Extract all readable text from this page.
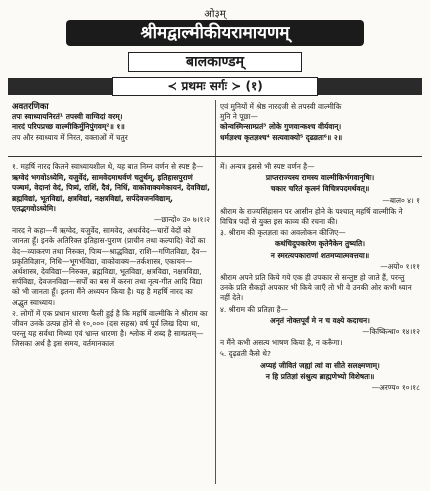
ओ३म्
श्रीमद्वाल्मीकीयरामायणम्
बालकाण्डम्
≺ प्रथमः सर्गः ≻ (१)
अवतरणिका
तपः स्वाध्यायनिरतं¹ तपस्वी वाग्विदां वरम्।
नारदं परिपप्रच्छ वाल्मीकिर्मुनिपुंगवम्²॥ १॥
तप और स्वाध्याय में निरत, वक्ताओं में चतुर
एवं मुनियों में श्रेष्ठ नारदजी से तपस्वी वाल्मीकि
मुनि ने पूछा—
कोन्वस्मिन्साम्प्रतं³ लोके गुणवान्कश्च वीर्यवान्।
धर्मज्ञश्च कृतज्ञश्च⁴ सत्यवाक्यो⁵ दृढव्रतः⁶॥ २॥

१. महर्षि नारद कितने स्वाध्यायशील थे, यह बात निम्न वर्णन से स्पष्ट है—

ऋग्वेदं भगवोऽध्येमि, यजुर्वेदं, सामवेदमाथर्वणं चतुर्थम्, इतिहासपुराणं पञ्चमं, वेदानां वेदं, पित्र्यं, राशिं, दैवं, निधिं, वाकोवाक्यमेकायनं, देवविद्यां, ब्रह्मविद्यां, भूतविद्यां, क्षत्रविद्यां, नक्षत्रविद्यां, सर्पदेवजनविद्याम्, एतद्भगवोऽध्येमि।

—छान्दो० उ० ७।१।२

नारद ने कहा—मैं ऋग्वेद, यजुर्वेद, सामवेद, अथर्ववेद—चारों वेदों को जानता हूँ। इनके अतिरिक्त इतिहास-पुराण (प्राचीन तथा कल्पादि) वेदों का वेद—व्याकरण तथा निरुक्त, पित्र्य—श्राद्धविद्या, राशि—गणितविद्या, दैव—प्रकृतिविज्ञान, निधि—भूगर्भविद्या, वाकोवाक्य—तर्कशास्त्र, एकायन—अर्थशास्त्र, देवविद्या—निरुक्त, ब्रह्मविद्या, भूतविद्या, क्षत्रविद्या, नक्षत्रविद्या, सर्पविद्या, देवजनविद्या—सर्पों का बस में करना तथा नृत्य-गीत आदि विद्या को भी जानता हूँ। इतना मैंने अध्ययन किया है। यह है महर्षि नारद का अद्भुत स्वाध्याय।

२. लोगों में एक प्रधान धारणा फैली हुई है कि महर्षि वाल्मीकि ने श्रीराम का जीवन उनके उत्पन्न होने से १०,००० (दस सहस्र) वर्ष पूर्व लिख दिया था, परन्तु यह सर्वथा मिथ्या एवं भ्रान्त धारणा है। श्लोक में शब्द है साम्प्रतम्—जिसका अर्थ है इस समय, वर्तमानकाल

में। अन्यत्र इससे भी स्पष्ट वर्णन है—

प्राप्तराज्यस्य रामस्य वाल्मीकिर्भगवानृषिः।

चकार चरितं कृत्स्नं विचित्रपदमर्थवत्॥

—बाल० ४। १

श्रीराम के राज्यसिंहासन पर आसीन होने के पश्चात् महर्षि वाल्मीकि ने विचित्र पदों से युक्त इस काव्य की रचना की।

३. श्रीराम की कृतज्ञता का अवलोकन कीजिए—

कथंचिदुपकारेण कृतेनैकेन तुष्यति।

न स्मरत्यपकाराणां शतमप्यात्मवत्तया॥

—अयो० १।११

श्रीराम अपने प्रति किये गये एक ही उपकार से सन्तुष्ट हो जाते हैं, परन्तु उनके प्रति सैकड़ों अपकार भी किये जाएँ तो भी वे उनकी ओर कभी ध्यान नहीं देते।

४. श्रीराम की प्रतिज्ञा है—

अनृतं नोक्तपूर्वं मे न च वक्ष्ये कदाचन।

—किष्किन्धा० १४।१२

न मैंने कभी असत्य भाषण किया है, न करूँगा।

५. दृढ़व्रती कैसे थे?

अप्यहं जीवितं जह्यां त्वां वा सीते सलक्ष्मणाम्।

न हि प्रतिज्ञां संश्रुत्य ब्राह्मणेभ्यो विशेषतः॥

—अरण्य० १०।१८
